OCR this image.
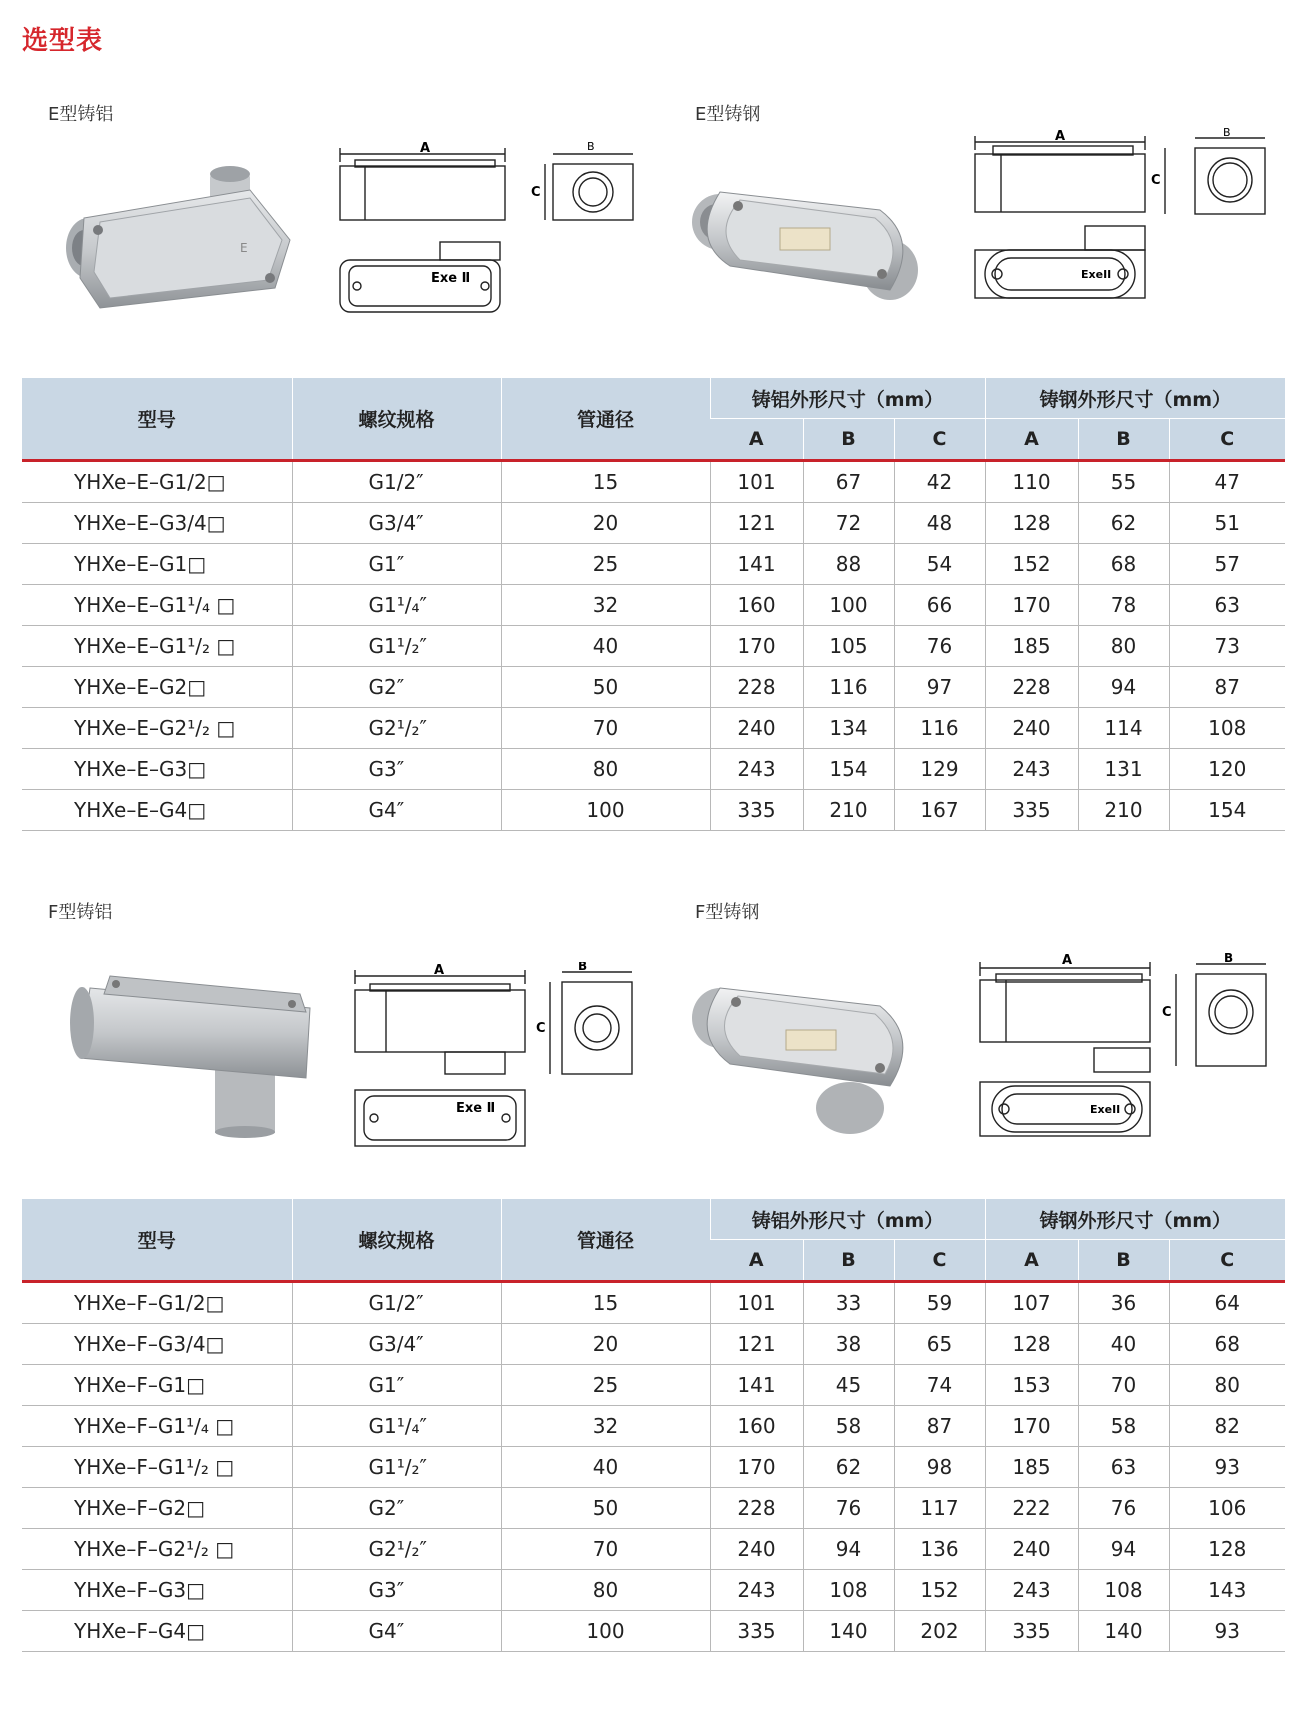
选型表
E型铸铝	E型铸钢
E
A	B
C
Exe Ⅱ
A	B
C
ExeII
型号	螺纹规格	管通径	铸铝外形尺寸（mm）			铸钢外形尺寸（mm）		
			A	B	C	A	B	C
YHXe–E–G1/2□	G1/2″	15	101	67	42	110	55	47
YHXe–E–G3/4□	G3/4″	20	121	72	48	128	62	51
YHXe–E–G1□	G1″	25	141	88	54	152	68	57
YHXe–E–G1¹/₄ □	G1¹/₄″	32	160	100	66	170	78	63
YHXe–E–G1¹/₂ □	G1¹/₂″	40	170	105	76	185	80	73
YHXe–E–G2□	G2″	50	228	116	97	228	94	87
YHXe–E–G2¹/₂ □	G2¹/₂″	70	240	134	116	240	114	108
YHXe–E–G3□	G3″	80	243	154	129	243	131	120
YHXe–E–G4□	G4″	100	335	210	167	335	210	154
F型铸铝	F型铸钢
A	B
C
Exe Ⅱ
A	B
C
ExeII
型号	螺纹规格	管通径	铸铝外形尺寸（mm）			铸钢外形尺寸（mm）		
			A	B	C	A	B	C
YHXe–F–G1/2□	G1/2″	15	101	33	59	107	36	64
YHXe–F–G3/4□	G3/4″	20	121	38	65	128	40	68
YHXe–F–G1□	G1″	25	141	45	74	153	70	80
YHXe–F–G1¹/₄ □	G1¹/₄″	32	160	58	87	170	58	82
YHXe–F–G1¹/₂ □	G1¹/₂″	40	170	62	98	185	63	93
YHXe–F–G2□	G2″	50	228	76	117	222	76	106
YHXe–F–G2¹/₂ □	G2¹/₂″	70	240	94	136	240	94	128
YHXe–F–G3□	G3″	80	243	108	152	243	108	143
YHXe–F–G4□	G4″	100	335	140	202	335	140	93
